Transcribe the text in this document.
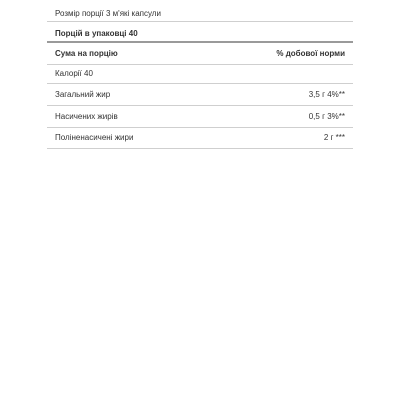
Розмір порції 3 м'які капсули
Порцій в упаковці 40
Сума на порцію	% добової норми
Калорії 40
Загальний жир	3,5 г 4%**
Насичених жирів	0,5 г 3%**
Поліненасичені жири	2 г ***
